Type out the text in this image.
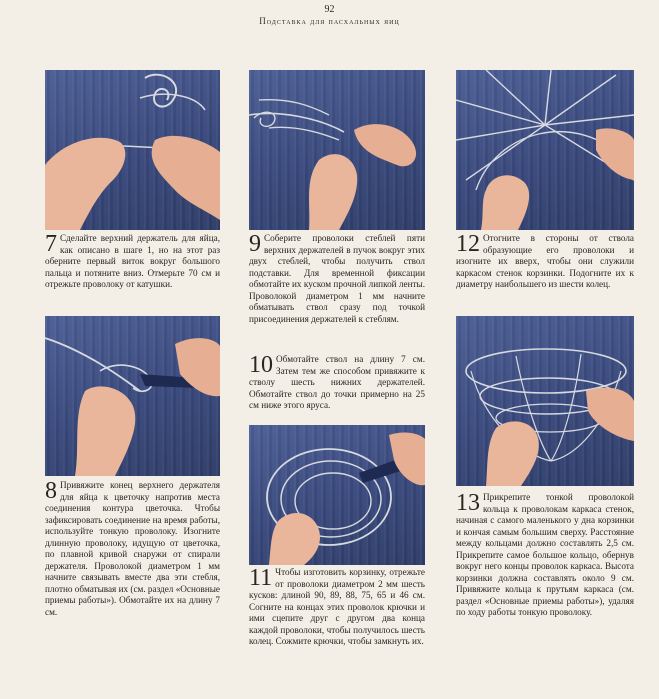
92
Подставка для пасхальных яиц
7 Сделайте верхний держатель для яйца, как описано в шаге 1, но на этот раз оберните первый виток вокруг большого пальца и потяните вниз. Отмерьте 70 см и отрежьте проволоку от катушки.
8 Привяжите конец верхнего держателя для яйца к цветочку напротив места соединения контура цветочка. Чтобы зафиксировать соединение на время работы, используйте тонкую проволоку. Изогните длинную проволоку, идущую от цветочка, по плавной кривой снаружи от спирали держателя. Проволокой диаметром 1 мм начните связывать вместе два эти стебля, плотно обматывая их (см. раздел «Основные приемы работы»). Обмотайте их на длину 7 см.
9 Соберите проволоки стеблей пяти верхних держателей в пучок вокруг этих двух стеблей, чтобы получить ствол подставки. Для временной фиксации обмотайте их куском прочной липкой ленты. Проволокой диаметром 1 мм начните обматывать ствол сразу под точкой присоединения держателей к стеблям.
10 Обмотайте ствол на длину 7 см. Затем тем же способом привяжите к стволу шесть нижних держателей. Обмотайте ствол до точки примерно на 25 см ниже этого яруса.
11 Чтобы изготовить корзинку, отрежьте от проволоки диаметром 2 мм шесть кусков: длиной 90, 89, 88, 75, 65 и 46 см. Согните на концах этих проволок крючки и ими сцепите друг с другом два конца каждой проволоки, чтобы получилось шесть колец. Сожмите крючки, чтобы замкнуть их.
12 Отогните в стороны от ствола образующие его проволоки и изогните их вверх, чтобы они служили каркасом стенок корзинки. Подогните их к диаметру наибольшего из шести колец.
13 Прикрепите тонкой проволокой кольца к проволокам каркаса стенок, начиная с самого маленького у дна корзинки и кончая самым большим сверху. Расстояние между кольцами должно составлять 2,5 см. Прикрепите самое большое кольцо, обернув вокруг него концы проволок каркаса. Высота корзинки должна составлять около 9 см. Привяжите кольца к прутьям каркаса (см. раздел «Основные приемы работы»), удаляя по ходу работы тонкую проволоку.
